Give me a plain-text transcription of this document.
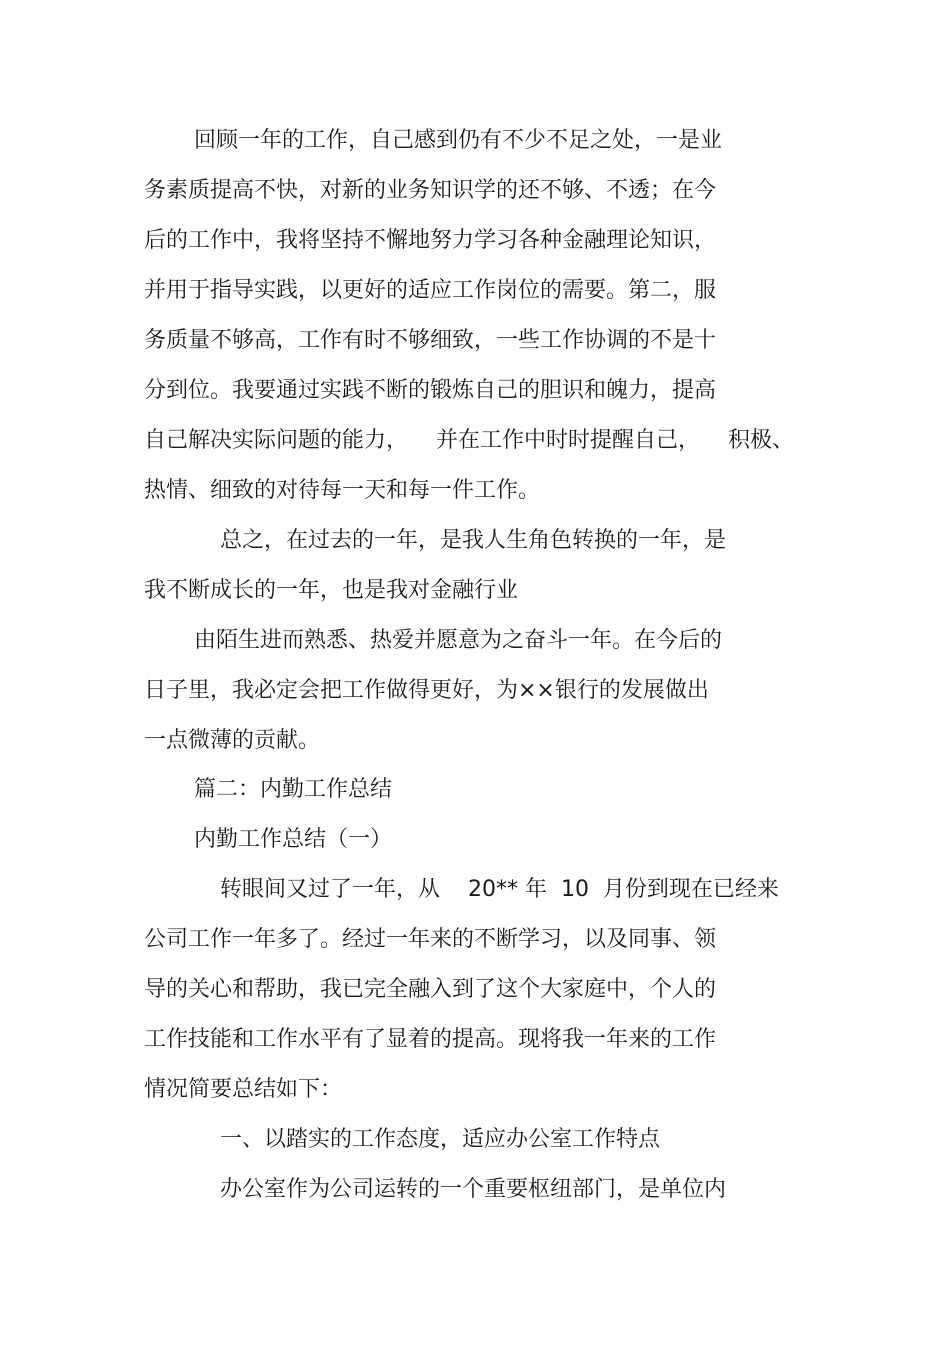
回顾一年的工作，自己感到仍有不少不足之处，一是业
务素质提高不快，对新的业务知识学的还不够、不透；在今
后的工作中，我将坚持不懈地努力学习各种金融理论知识，
并用于指导实践，以更好的适应工作岗位的需要。第二，服
务质量不够高，工作有时不够细致，一些工作协调的不是十
分到位。我要通过实践不断的锻炼自己的胆识和魄力，提高
自己解决实际问题的能力，    并在工作中时时提醒自己，    积极、
热情、细致的对待每一天和每一件工作。
总之，在过去的一年，是我人生角色转换的一年，是
我不断成长的一年，也是我对金融行业
由陌生进而熟悉、热爱并愿意为之奋斗一年。在今后的
日子里，我必定会把工作做得更好，为××银行的发展做出
一点微薄的贡献。
篇二：内勤工作总结
内勤工作总结（一）
转眼间又过了一年，从    20** 年  10  月份到现在已经来
公司工作一年多了。经过一年来的不断学习，以及同事、领
导的关心和帮助，我已完全融入到了这个大家庭中，个人的
工作技能和工作水平有了显着的提高。现将我一年来的工作
情况简要总结如下：
一、以踏实的工作态度，适应办公室工作特点
办公室作为公司运转的一个重要枢纽部门，是单位内
